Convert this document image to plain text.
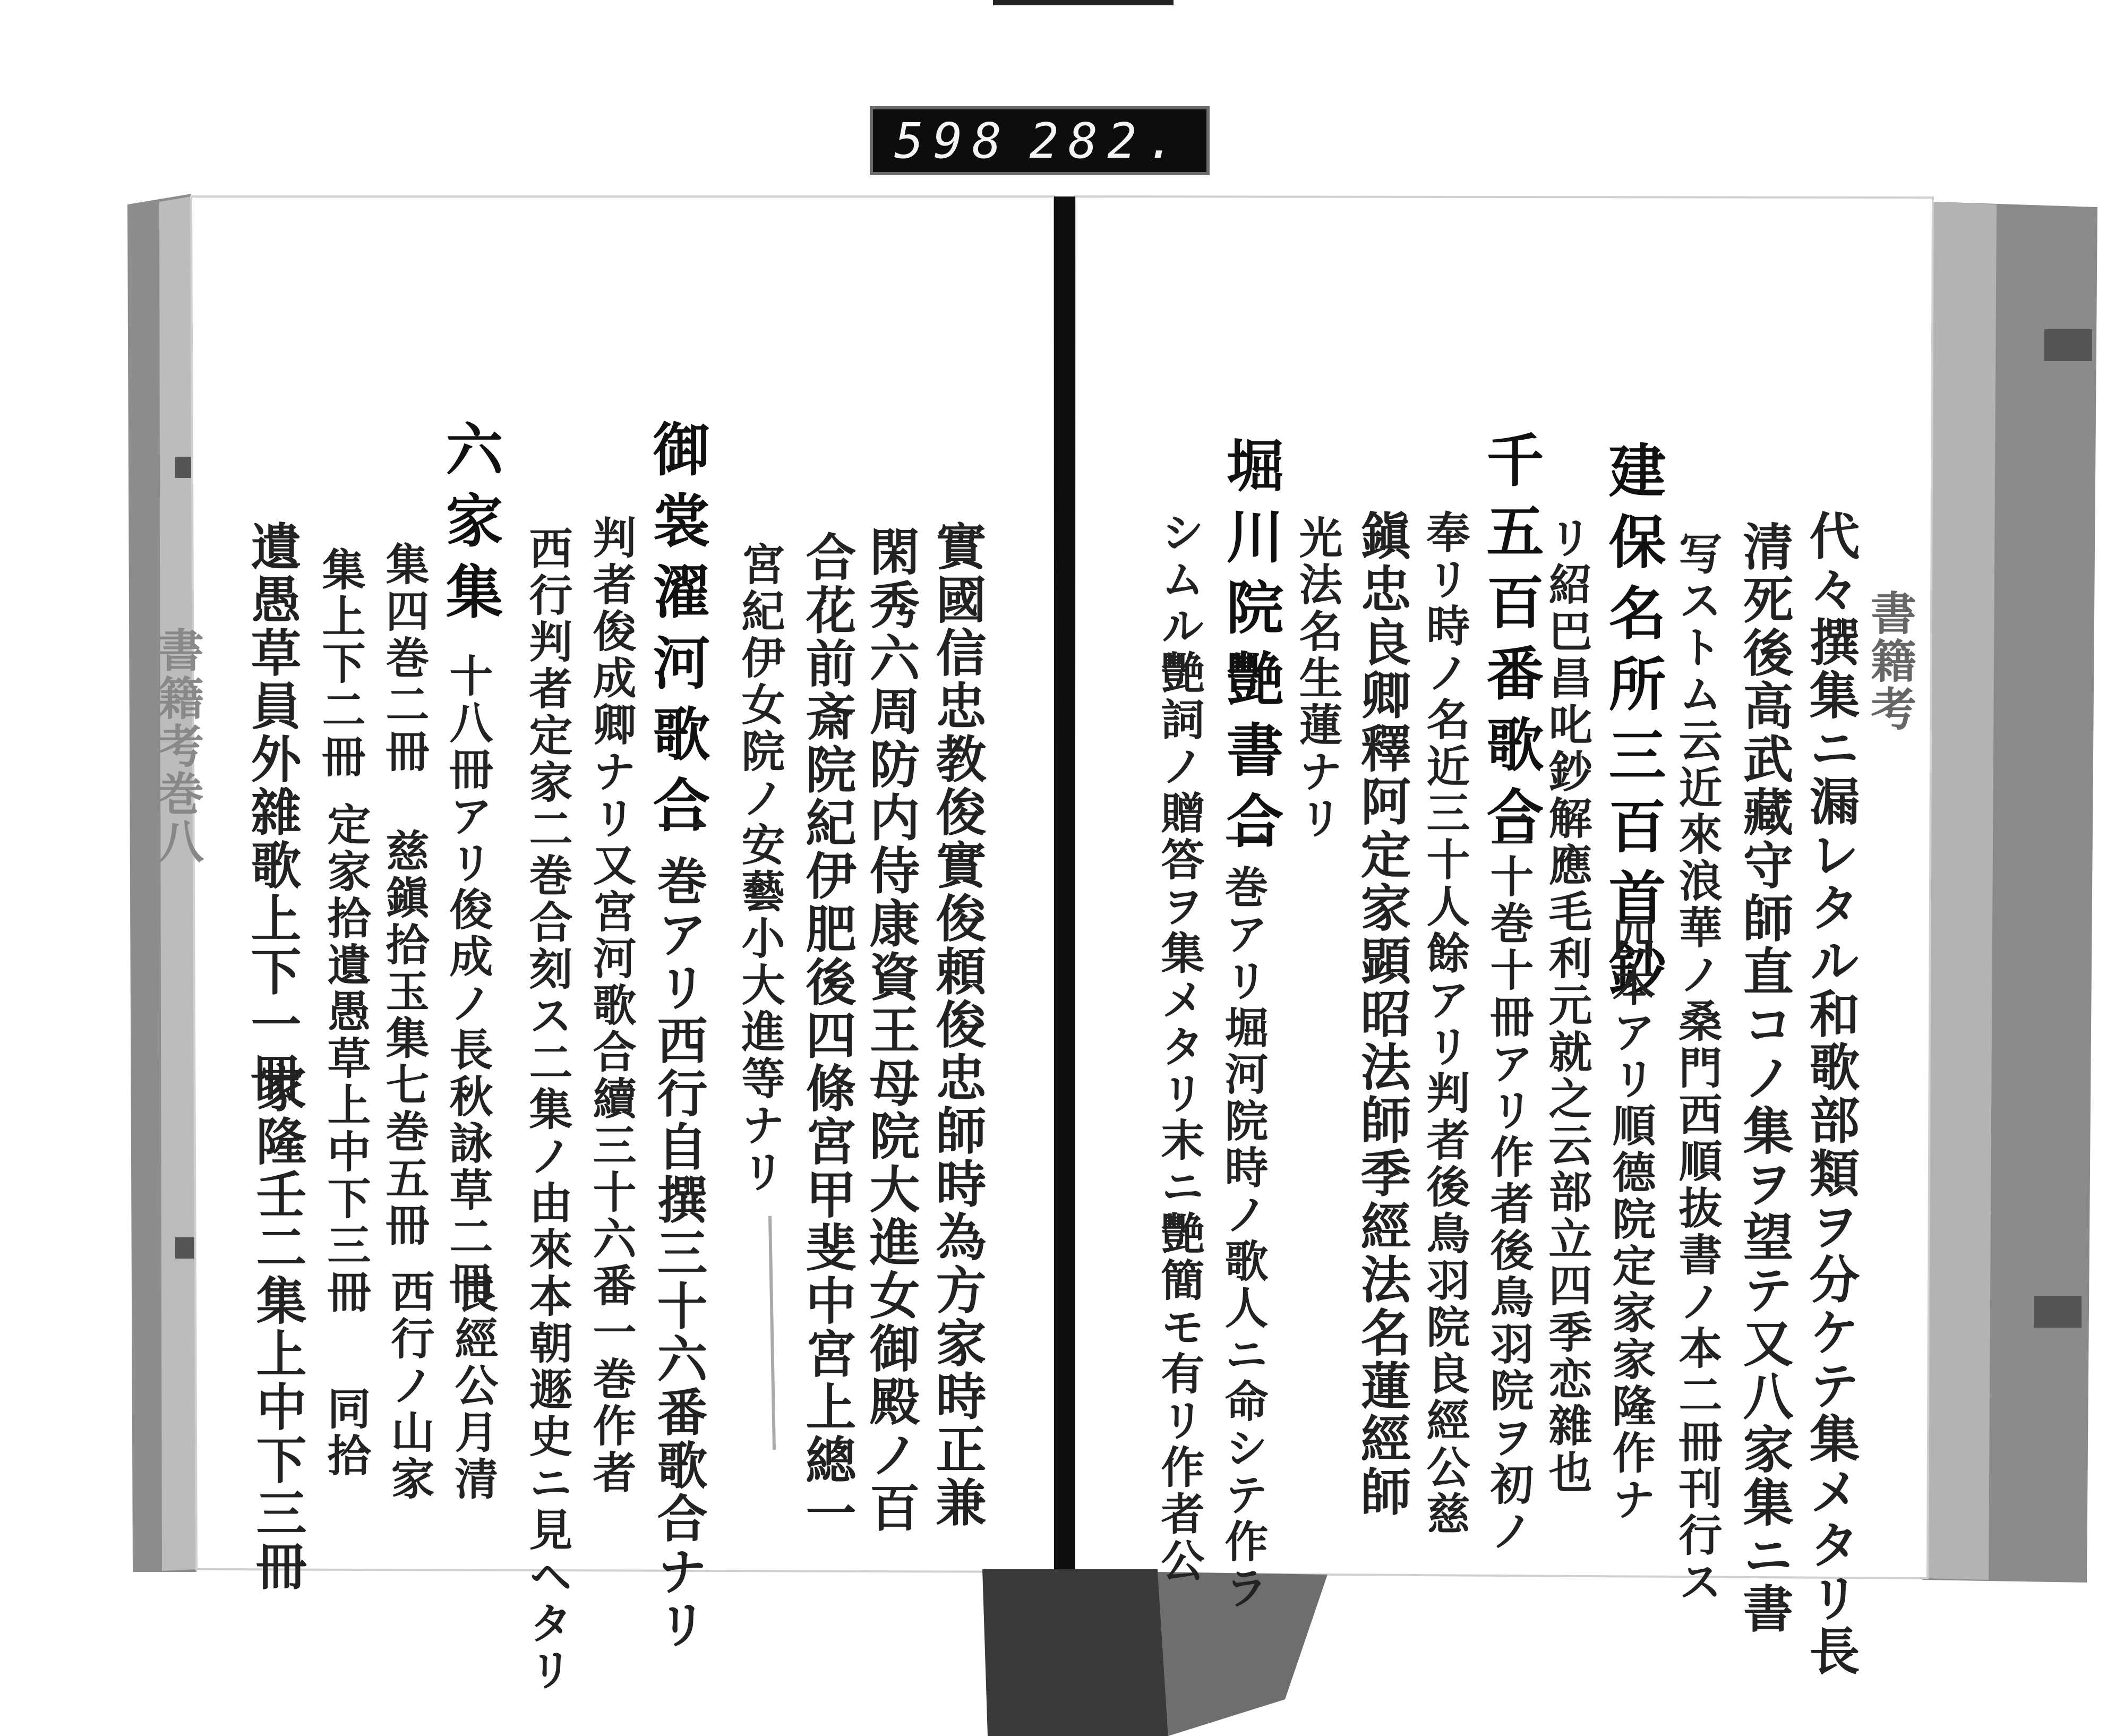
598 282.
書籍考
代々撰集ニ漏レタル和歌部類ヲ分ケテ集メタリ長
清死後高武藏守師直コノ集ヲ望テ又八家集ニ書
写ストム云近來浪華ノ桑門西順抜書ノ本二冊刊行ス
建保名所三百首鈔
四本アリ順德院定家家隆作ナ
リ紹巴昌叱鈔解應毛利元就之云部立四季恋雜也
千五百番歌合
二十巻十冊アリ作者後鳥羽院ヲ初ノ
奉リ時ノ名近三十人餘アリ判者後鳥羽院良經公慈
鎭忠良卿釋阿定家顕昭法師季經法名蓮經師
光法名生蓮ナリ
堀川院艷書合
一巻アリ堀河院時ノ歌人ニ命シテ作ラ
シムル艷詞ノ贈答ヲ集メタリ末ニ艷簡モ有リ作者公
實國信忠教俊實俊頼俊忠師時為方家時正兼
閑秀六周防内侍康資王母院大進女御殿ノ百
合花前斎院紀伊肥後四條宮甲斐中宮上總一
宮紀伊女院ノ安藝小大進等ナリ
御裳濯河歌合
一巻アリ西行自撰三十六番歌合ナリ
判者俊成卿ナリ又宮河歌合續三十六番一巻作者
西行判者定家二巻合刻ス二集ノ由來本朝遯史ニ見ヘタリ
六家集
十八冊アリ俊成ノ長秋詠草二冊
良經公月清
集四巻二冊
慈鎭拾玉集七巻五冊
西行ノ山家
集上下二冊
定家拾遺愚草上中下三冊
同拾
遺愚草員外雜歌上下一冊
家隆壬二集上中下三冊
書籍考巻八
